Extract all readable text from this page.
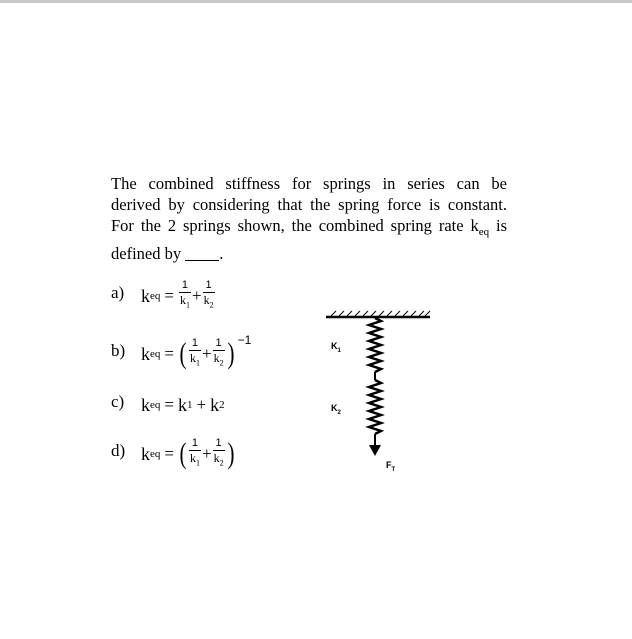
The combined stiffness for springs in series can be
derived by considering that the spring force is constant.
For the 2 springs shown, the combined spring rate $k_{eq}$ is
defined by .
a) k eq = $\frac{1}{k_1} + \frac{1}{k_2}$
b) k eq = ( $\frac{1}{k_1} + \frac{1}{k_2}$ ) −1
c) k eq = k 1 + k 2
d) k eq = ( $\frac{1}{k_1} + \frac{1}{k_2}$ )
$K_1$
$K_2$
$F_T$
